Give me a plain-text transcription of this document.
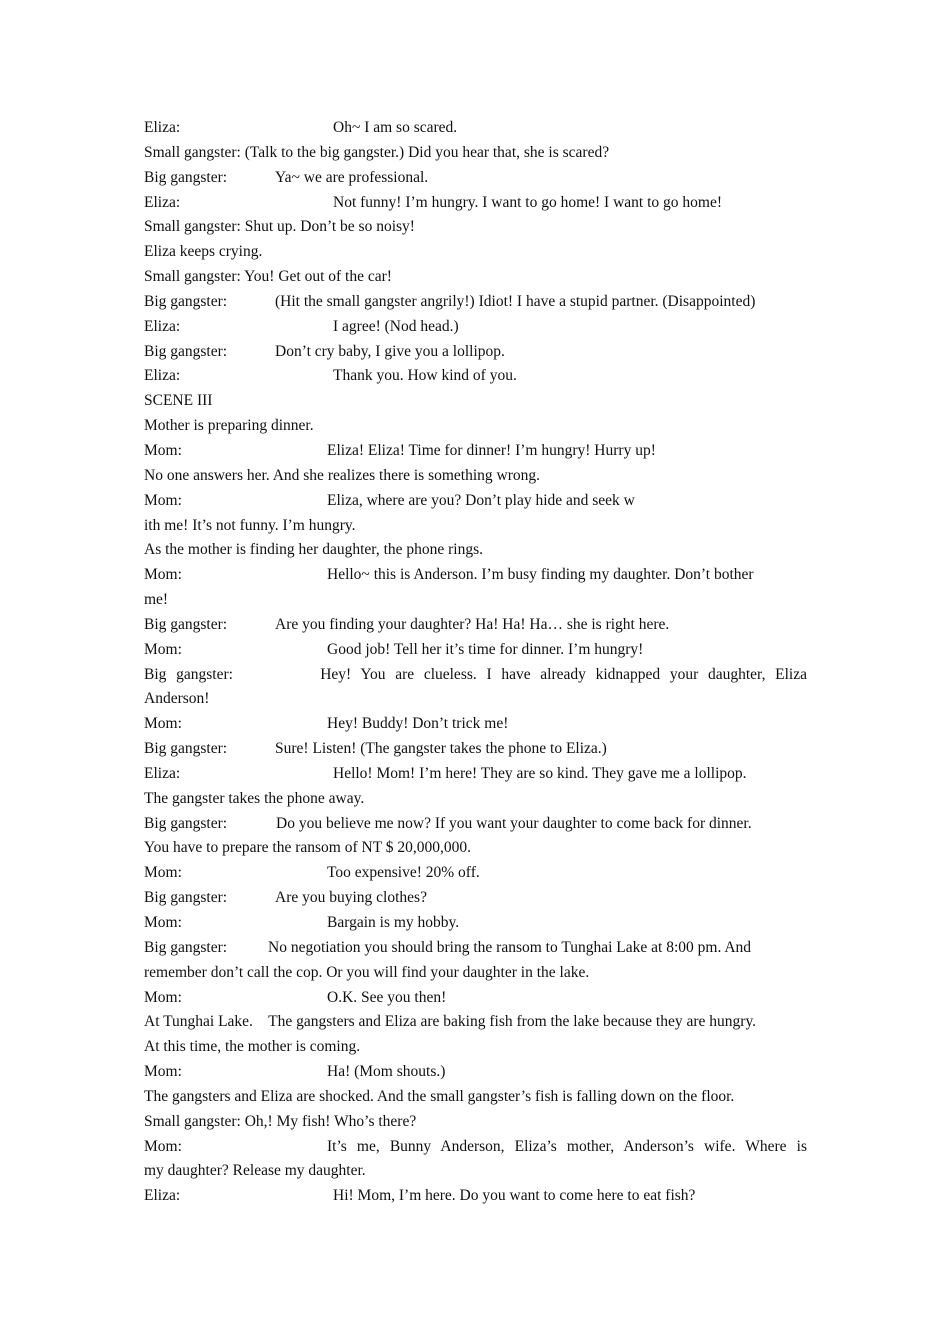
Eliza:	Oh~ I am so scared.
Small gangster: (Talk to the big gangster.) Did you hear that, she is scared?
Big gangster:	Ya~ we are professional.
Eliza:	Not funny! I’m hungry. I want to go home! I want to go home!
Small gangster: Shut up. Don’t be so noisy!
Eliza keeps crying.
Small gangster: You! Get out of the car!
Big gangster:	(Hit the small gangster angrily!) Idiot! I have a stupid partner. (Disappointed)
Eliza:	I agree! (Nod head.)
Big gangster:	Don’t cry baby, I give you a lollipop.
Eliza:	Thank you. How kind of you.
SCENE III
Mother is preparing dinner.
Mom:	Eliza! Eliza! Time for dinner! I’m hungry! Hurry up!
No one answers her. And she realizes there is something wrong.
Mom:	Eliza, where are you? Don’t play hide and seek w
ith me! It’s not funny. I’m hungry.
As the mother is finding her daughter, the phone rings.
Mom:	Hello~ this is Anderson. I’m busy finding my daughter. Don’t bother
me!
Big gangster:	Are you finding your daughter? Ha! Ha! Ha… she is right here.
Mom:	Good job! Tell her it’s time for dinner. I’m hungry!
Big gangster:         Hey! You are clueless. I have already kidnapped your daughter, Eliza
Anderson!
Mom:	Hey! Buddy! Don’t trick me!
Big gangster:	Sure! Listen! (The gangster takes the phone to Eliza.)
Eliza:	Hello! Mom! I’m here! They are so kind. They gave me a lollipop.
The gangster takes the phone away.
Big gangster:	Do you believe me now? If you want your daughter to come back for dinner.
You have to prepare the ransom of NT $ 20,000,000.
Mom:	Too expensive! 20% off.
Big gangster:	Are you buying clothes?
Mom:	Bargain is my hobby.
Big gangster:	No negotiation you should bring the ransom to Tunghai Lake at 8:00 pm. And
remember don’t call the cop. Or you will find your daughter in the lake.
Mom:	O.K. See you then!
At Tunghai Lake.    The gangsters and Eliza are baking fish from the lake because they are hungry.
At this time, the mother is coming.
Mom:	Ha! (Mom shouts.)
The gangsters and Eliza are shocked. And the small gangster’s fish is falling down on the floor.
Small gangster: Oh,! My fish! Who’s there?
Mom:	It’s me, Bunny Anderson, Eliza’s mother, Anderson’s wife. Where is
my daughter? Release my daughter.
Eliza:	Hi! Mom, I’m here. Do you want to come here to eat fish?
